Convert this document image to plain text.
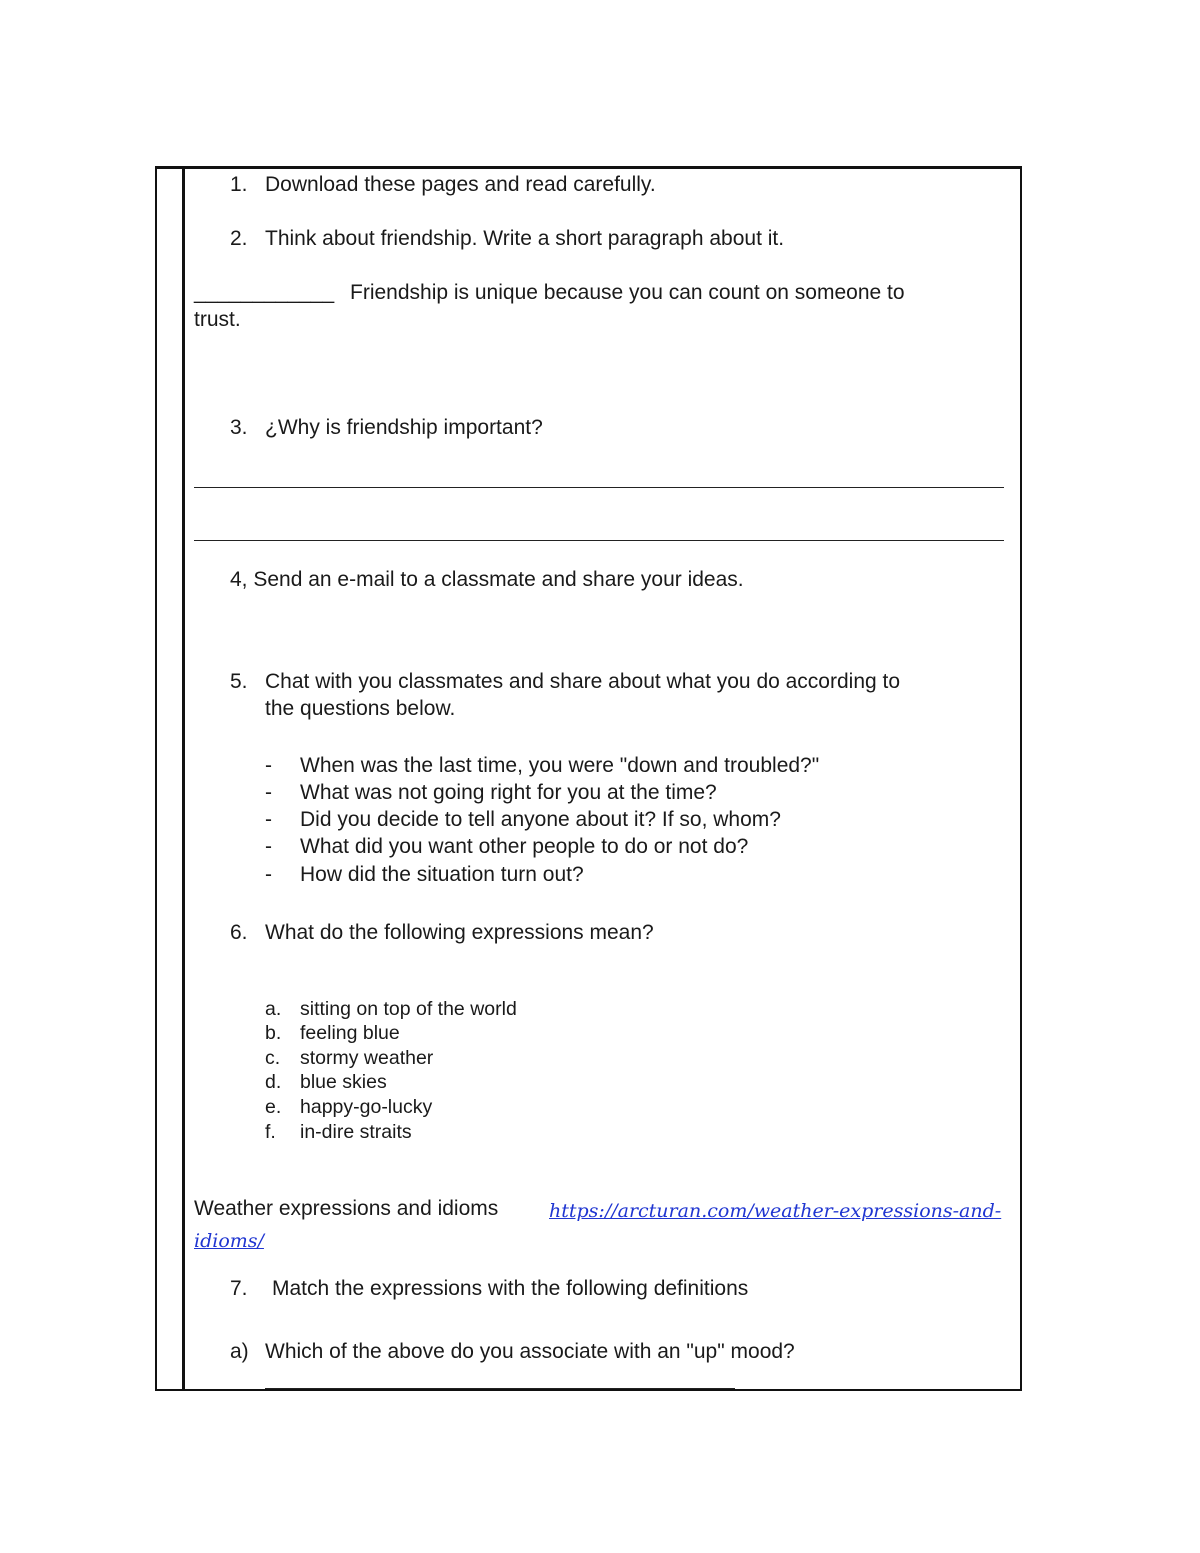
1. Download these pages and read carefully.
2. Think about friendship. Write a short paragraph about it.
____________ Friendship is unique because you can count on someone to
trust.
3. ¿Why is friendship important?
4, Send an e-mail to a classmate and share your ideas.
5. Chat with you classmates and share about what you do according to
the questions below.
- When was the last time, you were "down and troubled?"
- What was not going right for you at the time?
- Did you decide to tell anyone about it? If so, whom?
- What did you want other people to do or not do?
- How did the situation turn out?
6. What do the following expressions mean?
a. sitting on top of the world
b. feeling blue
c. stormy weather
d. blue skies
e. happy-go-lucky
f. in-dire straits
Weather expressions and idioms	https://arcturan.com/weather-expressions-and-
idioms/
7. Match the expressions with the following definitions
a) Which of the above do you associate with an "up" mood?
